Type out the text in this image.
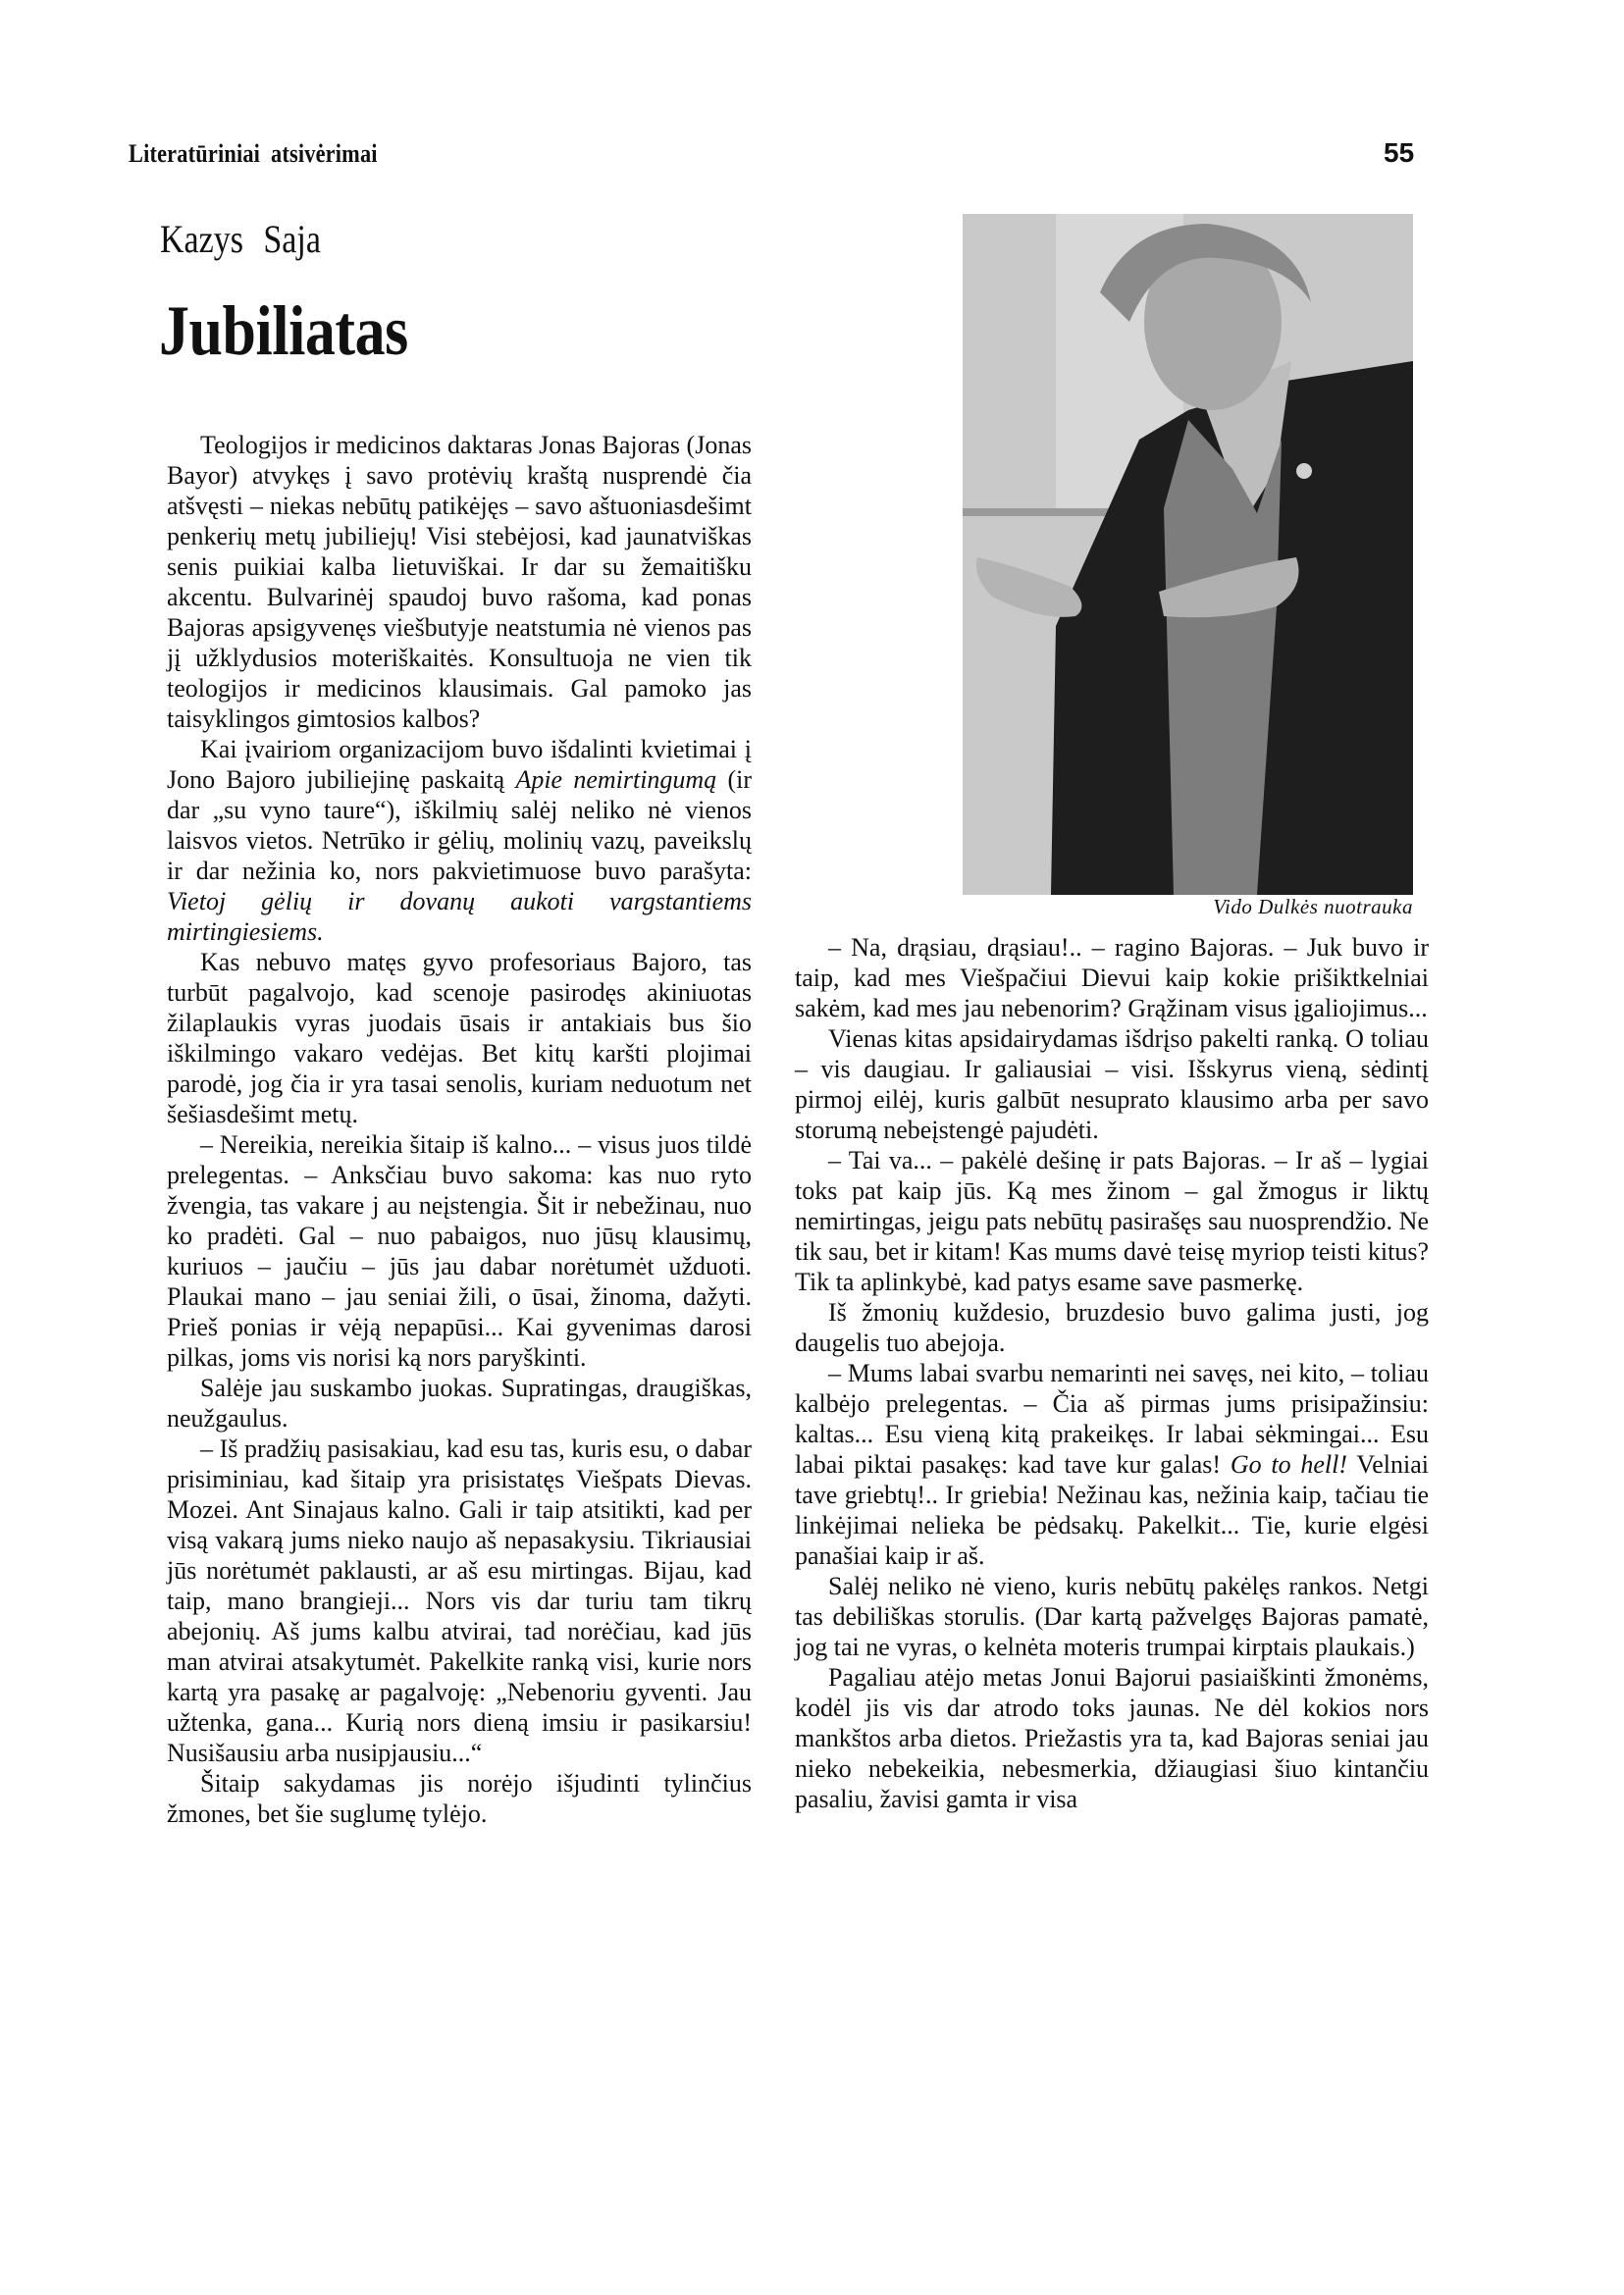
Literatūriniai atsivėrimai	55
Kazys Saja
Jubiliatas

Teologijos ir medicinos daktaras Jonas Bajoras (Jonas Bayor) atvykęs į savo protėvių kraštą nusprendė čia atšvęsti – niekas nebūtų patikėjęs – savo aštuoniasdešimt penkerių metų jubiliejų! Visi stebėjosi, kad jaunatviškas senis puikiai kalba lietuviškai. Ir dar su žemaitišku akcentu. Bulvarinėj spaudoj buvo rašoma, kad ponas Bajoras apsigyvenęs viešbutyje neatstumia nė vienos pas jį užklydusios moteriškaitės. Konsultuoja ne vien tik teologijos ir medicinos klausimais. Gal pamoko jas taisyklingos gimtosios kalbos?

Kai įvairiom organizacijom buvo išdalinti kvietimai į Jono Bajoro jubiliejinę paskaitą Apie nemirtingumą (ir dar „su vyno taure“), iškilmių salėj neliko nė vienos laisvos vietos. Netrūko ir gėlių, molinių vazų, paveikslų ir dar nežinia ko, nors pakvietimuose buvo parašyta: Vietoj gėlių ir dovanų aukoti vargstantiems mirtingiesiems.

Kas nebuvo matęs gyvo profesoriaus Bajoro, tas turbūt pagalvojo, kad scenoje pasirodęs akiniuotas žilaplaukis vyras juodais ūsais ir antakiais bus šio iškilmingo vakaro vedėjas. Bet kitų karšti plojimai parodė, jog čia ir yra tasai senolis, kuriam neduotum net šešiasdešimt metų.

– Nereikia, nereikia šitaip iš kalno... – visus juos tildė prelegentas. – Anksčiau buvo sakoma: kas nuo ryto žvengia, tas vakare j au neįstengia. Šit ir nebežinau, nuo ko pradėti. Gal – nuo pabaigos, nuo jūsų klausimų, kuriuos – jaučiu – jūs jau dabar norėtumėt užduoti. Plaukai mano – jau seniai žili, o ūsai, žinoma, dažyti. Prieš ponias ir vėją nepapūsi... Kai gyvenimas darosi pilkas, joms vis norisi ką nors paryškinti.

Salėje jau suskambo juokas. Supratingas, draugiškas, neužgaulus.

– Iš pradžių pasisakiau, kad esu tas, kuris esu, o dabar prisiminiau, kad šitaip yra prisistatęs Viešpats Dievas. Mozei. Ant Sinajaus kalno. Gali ir taip atsitikti, kad per visą vakarą jums nieko naujo aš nepasakysiu. Tikriausiai jūs norėtumėt paklausti, ar aš esu mirtingas. Bijau, kad taip, mano brangieji... Nors vis dar turiu tam tikrų abejonių. Aš jums kalbu atvirai, tad norėčiau, kad jūs man atvirai atsakytumėt. Pakelkite ranką visi, kurie nors kartą yra pasakę ar pagalvoję: „Nebenoriu gyventi. Jau užtenka, gana... Kurią nors dieną imsiu ir pasikarsiu! Nusišausiu arba nusipjausiu...“

Šitaip sakydamas jis norėjo išjudinti tylinčius žmones, bet šie suglumę tylėjo.

Vido Dulkės nuotrauka

– Na, drąsiau, drąsiau!.. – ragino Bajoras. – Juk buvo ir taip, kad mes Viešpačiui Dievui kaip kokie prišiktkelniai sakėm, kad mes jau nebenorim? Grąžinam visus įgaliojimus...

Vienas kitas apsidairydamas išdrįso pakelti ranką. O toliau – vis daugiau. Ir galiausiai – visi. Išskyrus vieną, sėdintį pirmoj eilėj, kuris galbūt nesuprato klausimo arba per savo storumą nebeįstengė pajudėti.

– Tai va... – pakėlė dešinę ir pats Bajoras. – Ir aš – lygiai toks pat kaip jūs. Ką mes žinom – gal žmogus ir liktų nemirtingas, jeigu pats nebūtų pasirašęs sau nuosprendžio. Ne tik sau, bet ir kitam! Kas mums davė teisę myriop teisti kitus? Tik ta aplinkybė, kad patys esame save pasmerkę.

Iš žmonių kuždesio, bruzdesio buvo galima justi, jog daugelis tuo abejoja.

– Mums labai svarbu nemarinti nei savęs, nei kito, – toliau kalbėjo prelegentas. – Čia aš pirmas jums prisipažinsiu: kaltas... Esu vieną kitą prakeikęs. Ir labai sėkmingai... Esu labai piktai pasakęs: kad tave kur galas! Go to hell! Velniai tave griebtų!.. Ir griebia! Nežinau kas, nežinia kaip, tačiau tie linkėjimai nelieka be pėdsakų. Pakelkit... Tie, kurie elgėsi panašiai kaip ir aš.

Salėj neliko nė vieno, kuris nebūtų pakėlęs rankos. Netgi tas debiliškas storulis. (Dar kartą pažvelgęs Bajoras pamatė, jog tai ne vyras, o kelnėta moteris trumpai kirptais plaukais.)

Pagaliau atėjo metas Jonui Bajorui pasiaiškinti žmonėms, kodėl jis vis dar atrodo toks jaunas. Ne dėl kokios nors mankštos arba dietos. Priežastis yra ta, kad Bajoras seniai jau nieko nebekeikia, nebesmerkia, džiaugiasi šiuo kintančiu pasaliu, žavisi gamta ir visa
